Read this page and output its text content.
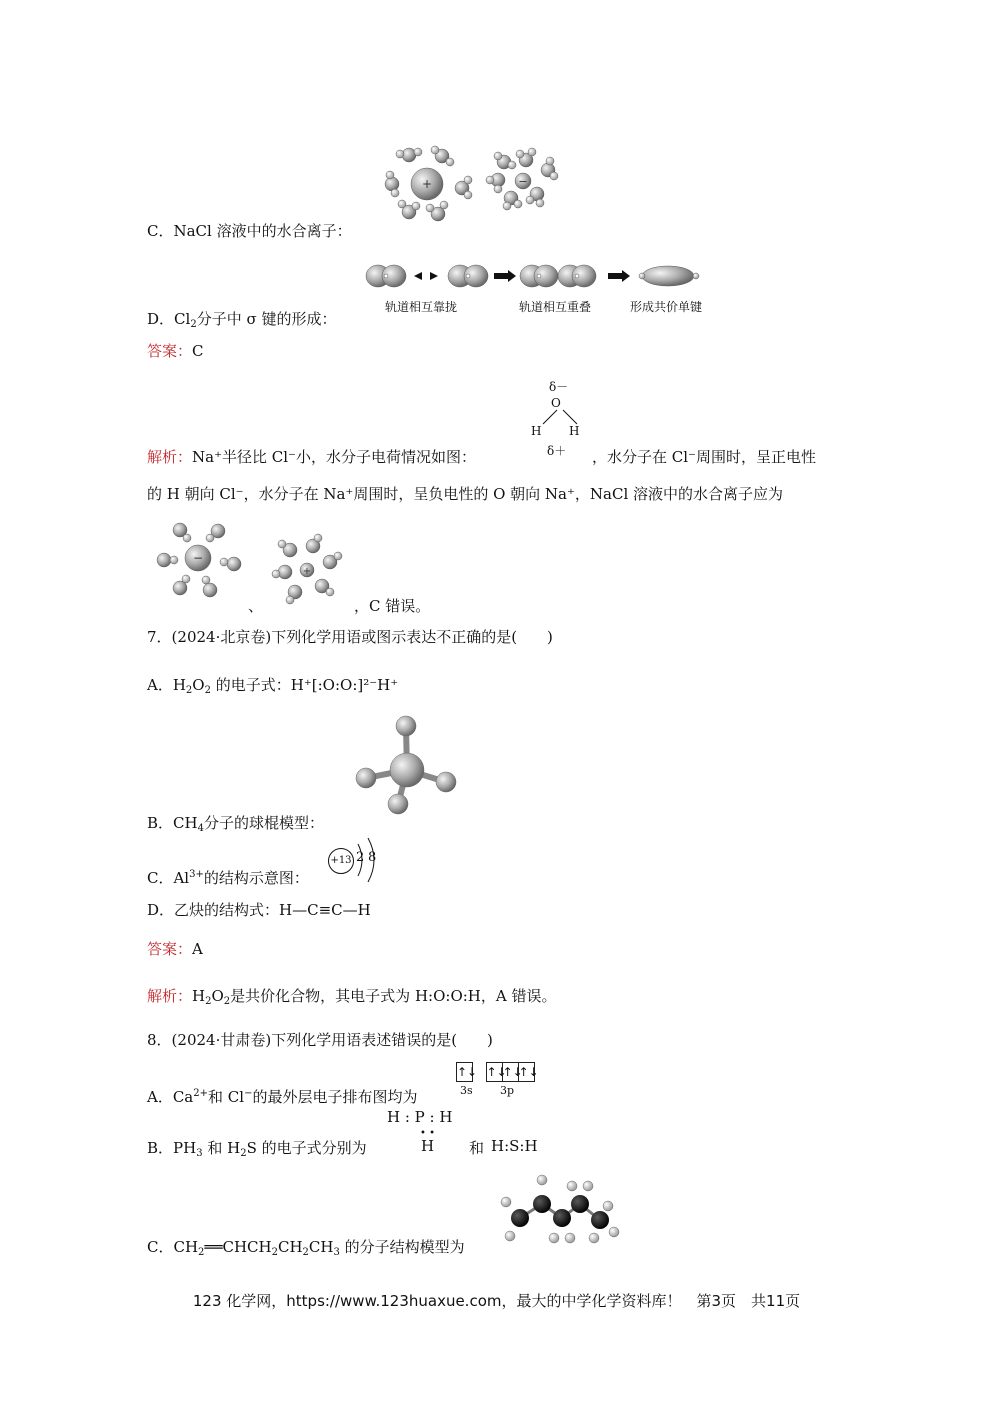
+	−
C．NaCl 溶液中的水合离子：
轨道相互靠拢	轨道相互重叠	形成共价单键
D．$Cl_2$分子中 σ 键的形成：
答案：C
δ－
O
H H
δ＋
解析：Na⁺半径比 Cl⁻小，水分子电荷情况如图：	，水分子在 Cl⁻周围时，呈正电性
的 H 朝向 Cl⁻，水分子在 Na⁺周围时，呈负电性的 O 朝向 Na⁺，NaCl 溶液中的水合离子应为
−
+
、	，C 错误。
7．(2024·北京卷)下列化学用语或图示表达不正确的是(　　)
A．$H_2O_2$ 的电子式：H⁺[:O:O:]²⁻H⁺
B．$CH_4$分子的球棍模型：
C．$Al^{3+}$的结构示意图：
+13 2 8
D．乙炔的结构式：H—C≡C—H
答案：A
解析：$H_2O_2$是共价化合物，其电子式为 H:O:O:H，A 错误。
8．(2024·甘肃卷)下列化学用语表述错误的是(　　)
↑↓ ↑↓↑↓↑↓
3s 3p
A．$Ca^{2+}$和 Cl−的最外层电子排布图均为
H : P : H
• •
B．$PH_3$ 和 $H_2S$ 的电子式分别为	H 和 H:S:H
C．$CH_2══CHCH_2CH_2CH_3$ 的分子结构模型为
123 化学网，https://www.123huaxue.com，最大的中学化学资料库！　第3页　共11页
